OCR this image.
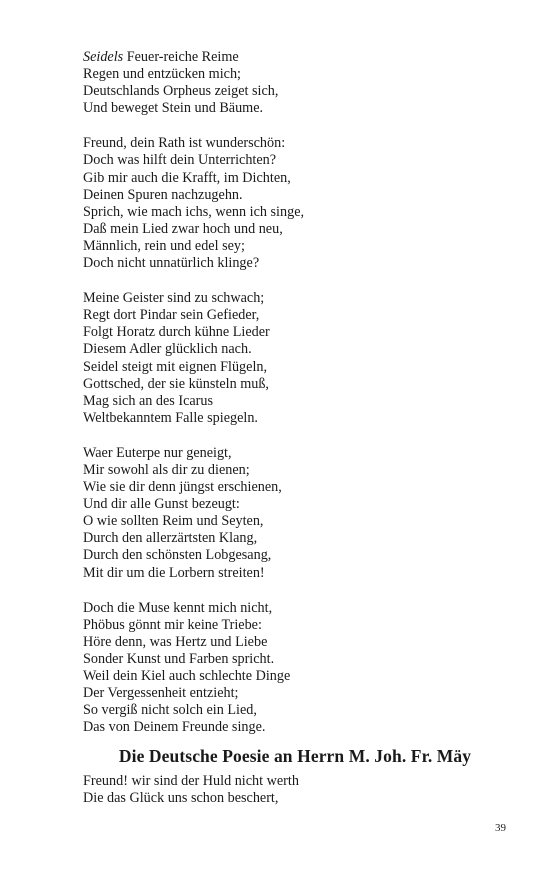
Seidels Feuer-reiche Reime
Regen und entzücken mich;
Deutschlands Orpheus zeiget sich,
Und beweget Stein und Bäume.
Freund, dein Rath ist wunderschön:
Doch was hilft dein Unterrichten?
Gib mir auch die Krafft, im Dichten,
Deinen Spuren nachzugehn.
Sprich, wie mach ichs, wenn ich singe,
Daß mein Lied zwar hoch und neu,
Männlich, rein und edel sey;
Doch nicht unnatürlich klinge?
Meine Geister sind zu schwach;
Regt dort Pindar sein Gefieder,
Folgt Horatz durch kühne Lieder
Diesem Adler glücklich nach.
Seidel steigt mit eignen Flügeln,
Gottsched, der sie künsteln muß,
Mag sich an des Icarus
Weltbekanntem Falle spiegeln.
Waer Euterpe nur geneigt,
Mir sowohl als dir zu dienen;
Wie sie dir denn jüngst erschienen,
Und dir alle Gunst bezeugt:
O wie sollten Reim und Seyten,
Durch den allerzärtsten Klang,
Durch den schönsten Lobgesang,
Mit dir um die Lorbern streiten!
Doch die Muse kennt mich nicht,
Phöbus gönnt mir keine Triebe:
Höre denn, was Hertz und Liebe
Sonder Kunst und Farben spricht.
Weil dein Kiel auch schlechte Dinge
Der Vergessenheit entzieht;
So vergiß nicht solch ein Lied,
Das von Deinem Freunde singe.
Die Deutsche Poesie an Herrn M. Joh. Fr. Mäy
Freund! wir sind der Huld nicht werth
Die das Glück uns schon beschert,
39
